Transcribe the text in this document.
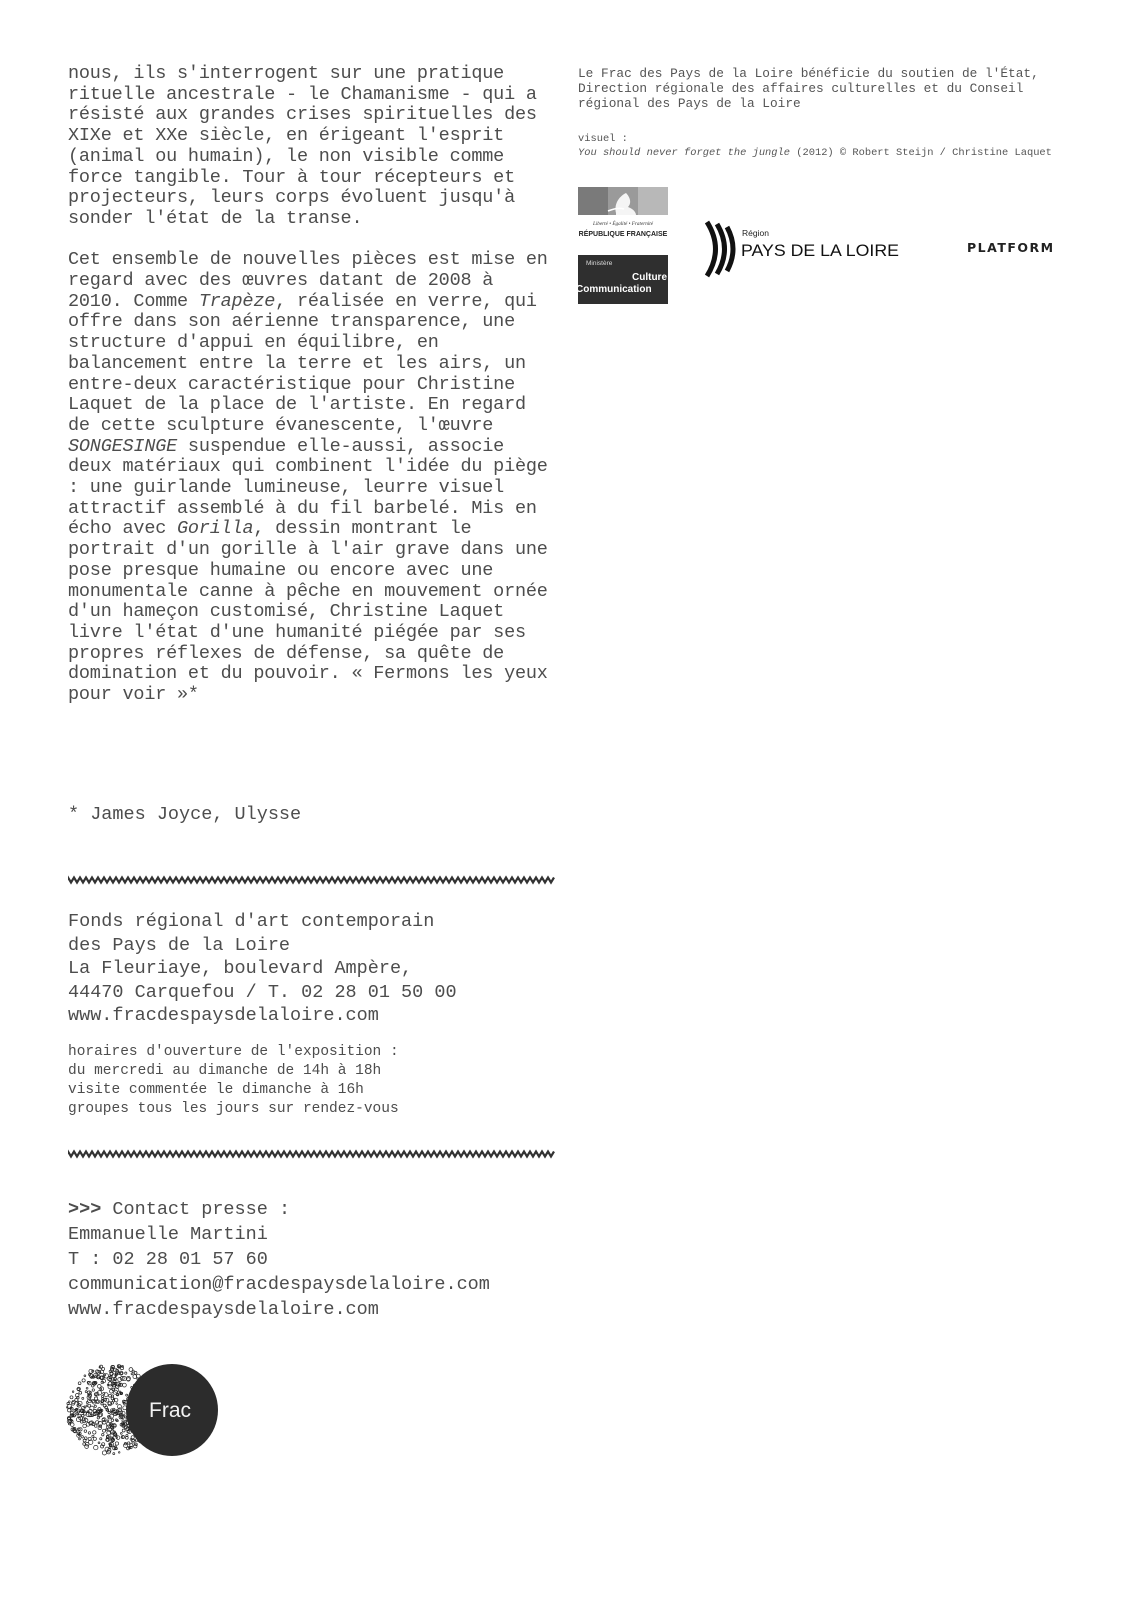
nous, ils s'interrogent sur une pratique rituelle ancestrale - le Chamanisme - qui a résisté aux grandes crises spirituelles des XIXe et XXe siècle, en érigeant l'esprit (animal ou humain), le non visible comme force tangible. Tour à tour récepteurs et projecteurs, leurs corps évoluent jusqu'à sonder l'état de la transe.

Cet ensemble de nouvelles pièces est mise en regard avec des œuvres datant de 2008 à 2010. Comme Trapèze, réalisée en verre, qui offre dans son aérienne transparence, une structure d'appui en équilibre, en balancement entre la terre et les airs, un entre-deux caractéristique pour Christine Laquet de la place de l'artiste. En regard de cette sculpture évanescente, l'œuvre SONGESINGE suspendue elle-aussi, associe deux matériaux qui combinent l'idée du piège : une guirlande lumineuse, leurre visuel attractif assemblé à du fil barbelé. Mis en écho avec Gorilla, dessin montrant le portrait d'un gorille à l'air grave dans une pose presque humaine ou encore avec une monumentale canne à pêche en mouvement ornée d'un hameçon customisé, Christine Laquet livre l'état d'une humanité piégée par ses propres réflexes de défense, sa quête de domination et du pouvoir. « Fermons les yeux pour voir »*

* James Joyce, Ulysse
Fonds régional d'art contemporain
des Pays de la Loire
La Fleuriaye, boulevard Ampère,
44470 Carquefou / T. 02 28 01 50 00
www.fracdespaysdelaloire.com
horaires d'ouverture de l'exposition :
du mercredi au dimanche de 14h à 18h
visite commentée le dimanche à 16h
groupes tous les jours sur rendez-vous
>>> Contact presse :
Emmanuelle Martini
T : 02 28 01 57 60
communication@fracdespaysdelaloire.com
www.fracdespaysdelaloire.com
Frac
Le Frac des Pays de la Loire bénéficie du soutien de l'État, Direction régionale des affaires culturelles et du Conseil régional des Pays de la Loire
visuel :
You should never forget the jungle (2012) © Robert Steijn / Christine Laquet
Liberté • Égalité • Fraternité
RÉPUBLIQUE FRANÇAISE
Ministère
Culture
Communication
Région
PAYS DE LA LOIRE	PLATFORM
